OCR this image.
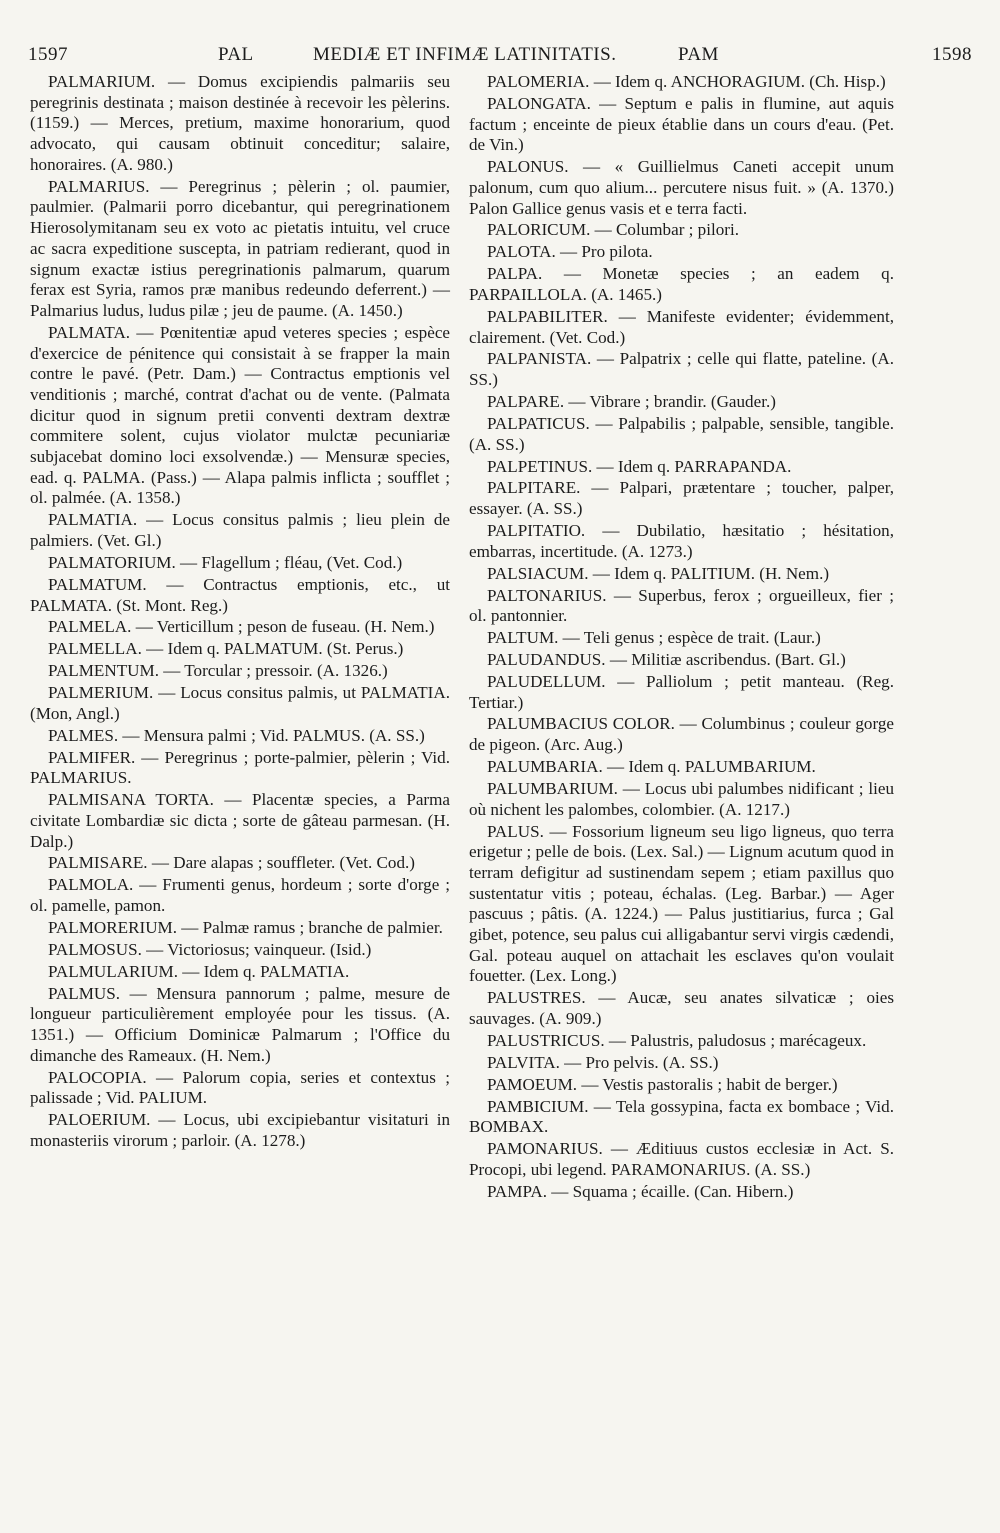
1597	PAL	MEDIÆ ET INFIMÆ LATINITATIS.	PAM	1598

PALMARIUM. — Domus excipiendis palmariis seu peregrinis destinata ; maison destinée à recevoir les pèlerins. (1159.) — Merces, pretium, maxime honorarium, quod advocato, qui causam obtinuit conceditur; salaire, honoraires. (A. 980.)

PALMARIUS. — Peregrinus ; pèlerin ; ol. paumier, paulmier. (Palmarii porro dicebantur, qui peregrinationem Hierosolymitanam seu ex voto ac pietatis intuitu, vel cruce ac sacra expeditione suscepta, in patriam redierant, quod in signum exactæ istius peregrinationis palmarum, quarum ferax est Syria, ramos præ manibus redeundo deferrent.) — Palmarius ludus, ludus pilæ ; jeu de paume. (A. 1450.)

PALMATA. — Pœnitentiæ apud veteres species ; espèce d'exercice de pénitence qui consistait à se frapper la main contre le pavé. (Petr. Dam.) — Contractus emptionis vel venditionis ; marché, contrat d'achat ou de vente. (Palmata dicitur quod in signum pretii conventi dextram dextræ commitere solent, cujus violator mulctæ pecuniariæ subjacebat domino loci exsolvendæ.) — Mensuræ species, ead. q. PALMA. (Pass.) — Alapa palmis inflicta ; soufflet ; ol. palmée. (A. 1358.)

PALMATIA. — Locus consitus palmis ; lieu plein de palmiers. (Vet. Gl.)

PALMATORIUM. — Flagellum ; fléau, (Vet. Cod.)

PALMATUM. — Contractus emptionis, etc., ut PALMATA. (St. Mont. Reg.)

PALMELA. — Verticillum ; peson de fuseau. (H. Nem.)

PALMELLA. — Idem q. PALMATUM. (St. Perus.)

PALMENTUM. — Torcular ; pressoir. (A. 1326.)

PALMERIUM. — Locus consitus palmis, ut PALMATIA. (Mon, Angl.)

PALMES. — Mensura palmi ; Vid. PALMUS. (A. SS.)

PALMIFER. — Peregrinus ; porte-palmier, pèlerin ; Vid. PALMARIUS.

PALMISANA TORTA. — Placentæ species, a Parma civitate Lombardiæ sic dicta ; sorte de gâteau parmesan. (H. Dalp.)

PALMISARE. — Dare alapas ; souffleter. (Vet. Cod.)

PALMOLA. — Frumenti genus, hordeum ; sorte d'orge ; ol. pamelle, pamon.

PALMORERIUM. — Palmæ ramus ; branche de palmier.

PALMOSUS. — Victoriosus; vainqueur. (Isid.)

PALMULARIUM. — Idem q. PALMATIA.

PALMUS. — Mensura pannorum ; palme, mesure de longueur particulièrement employée pour les tissus. (A. 1351.) — Officium Dominicæ Palmarum ; l'Office du dimanche des Rameaux. (H. Nem.)

PALOCOPIA. — Palorum copia, series et contextus ; palissade ; Vid. PALIUM.

PALOERIUM. — Locus, ubi excipiebantur visitaturi in monasteriis virorum ; parloir. (A. 1278.)

PALOMERIA. — Idem q. ANCHORAGIUM. (Ch. Hisp.)

PALONGATA. — Septum e palis in flumine, aut aquis factum ; enceinte de pieux établie dans un cours d'eau. (Pet. de Vin.)

PALONUS. — « Guillielmus Caneti accepit unum palonum, cum quo alium... percutere nisus fuit. » (A. 1370.) Palon Gallice genus vasis et e terra facti.

PALORICUM. — Columbar ; pilori.

PALOTA. — Pro pilota.

PALPA. — Monetæ species ; an eadem q. PARPAILLOLA. (A. 1465.)

PALPABILITER. — Manifeste evidenter; évidemment, clairement. (Vet. Cod.)

PALPANISTA. — Palpatrix ; celle qui flatte, pateline. (A. SS.)

PALPARE. — Vibrare ; brandir. (Gauder.)

PALPATICUS. — Palpabilis ; palpable, sensible, tangible. (A. SS.)

PALPETINUS. — Idem q. PARRAPANDA.

PALPITARE. — Palpari, prætentare ; toucher, palper, essayer. (A. SS.)

PALPITATIO. — Dubilatio, hæsitatio ; hésitation, embarras, incertitude. (A. 1273.)

PALSIACUM. — Idem q. PALITIUM. (H. Nem.)

PALTONARIUS. — Superbus, ferox ; orgueilleux, fier ; ol. pantonnier.

PALTUM. — Teli genus ; espèce de trait. (Laur.)

PALUDANDUS. — Militiæ ascribendus. (Bart. Gl.)

PALUDELLUM. — Palliolum ; petit manteau. (Reg. Tertiar.)

PALUMBACIUS COLOR. — Columbinus ; couleur gorge de pigeon. (Arc. Aug.)

PALUMBARIA. — Idem q. PALUMBARIUM.

PALUMBARIUM. — Locus ubi palumbes nidificant ; lieu où nichent les palombes, colombier. (A. 1217.)

PALUS. — Fossorium ligneum seu ligo ligneus, quo terra erigetur ; pelle de bois. (Lex. Sal.) — Lignum acutum quod in terram defigitur ad sustinendam sepem ; etiam paxillus quo sustentatur vitis ; poteau, échalas. (Leg. Barbar.) — Ager pascuus ; pâtis. (A. 1224.) — Palus justitiarius, furca ; Gal gibet, potence, seu palus cui alligabantur servi virgis cædendi, Gal. poteau auquel on attachait les esclaves qu'on voulait fouetter. (Lex. Long.)

PALUSTRES. — Aucæ, seu anates silvaticæ ; oies sauvages. (A. 909.)

PALUSTRICUS. — Palustris, paludosus ; marécageux.

PALVITA. — Pro pelvis. (A. SS.)

PAMOEUM. — Vestis pastoralis ; habit de berger.)

PAMBICIUM. — Tela gossypina, facta ex bombace ; Vid. BOMBAX.

PAMONARIUS. — Æditiuus custos ecclesiæ in Act. S. Procopi, ubi legend. PARAMONARIUS. (A. SS.)

PAMPA. — Squama ; écaille. (Can. Hibern.)
